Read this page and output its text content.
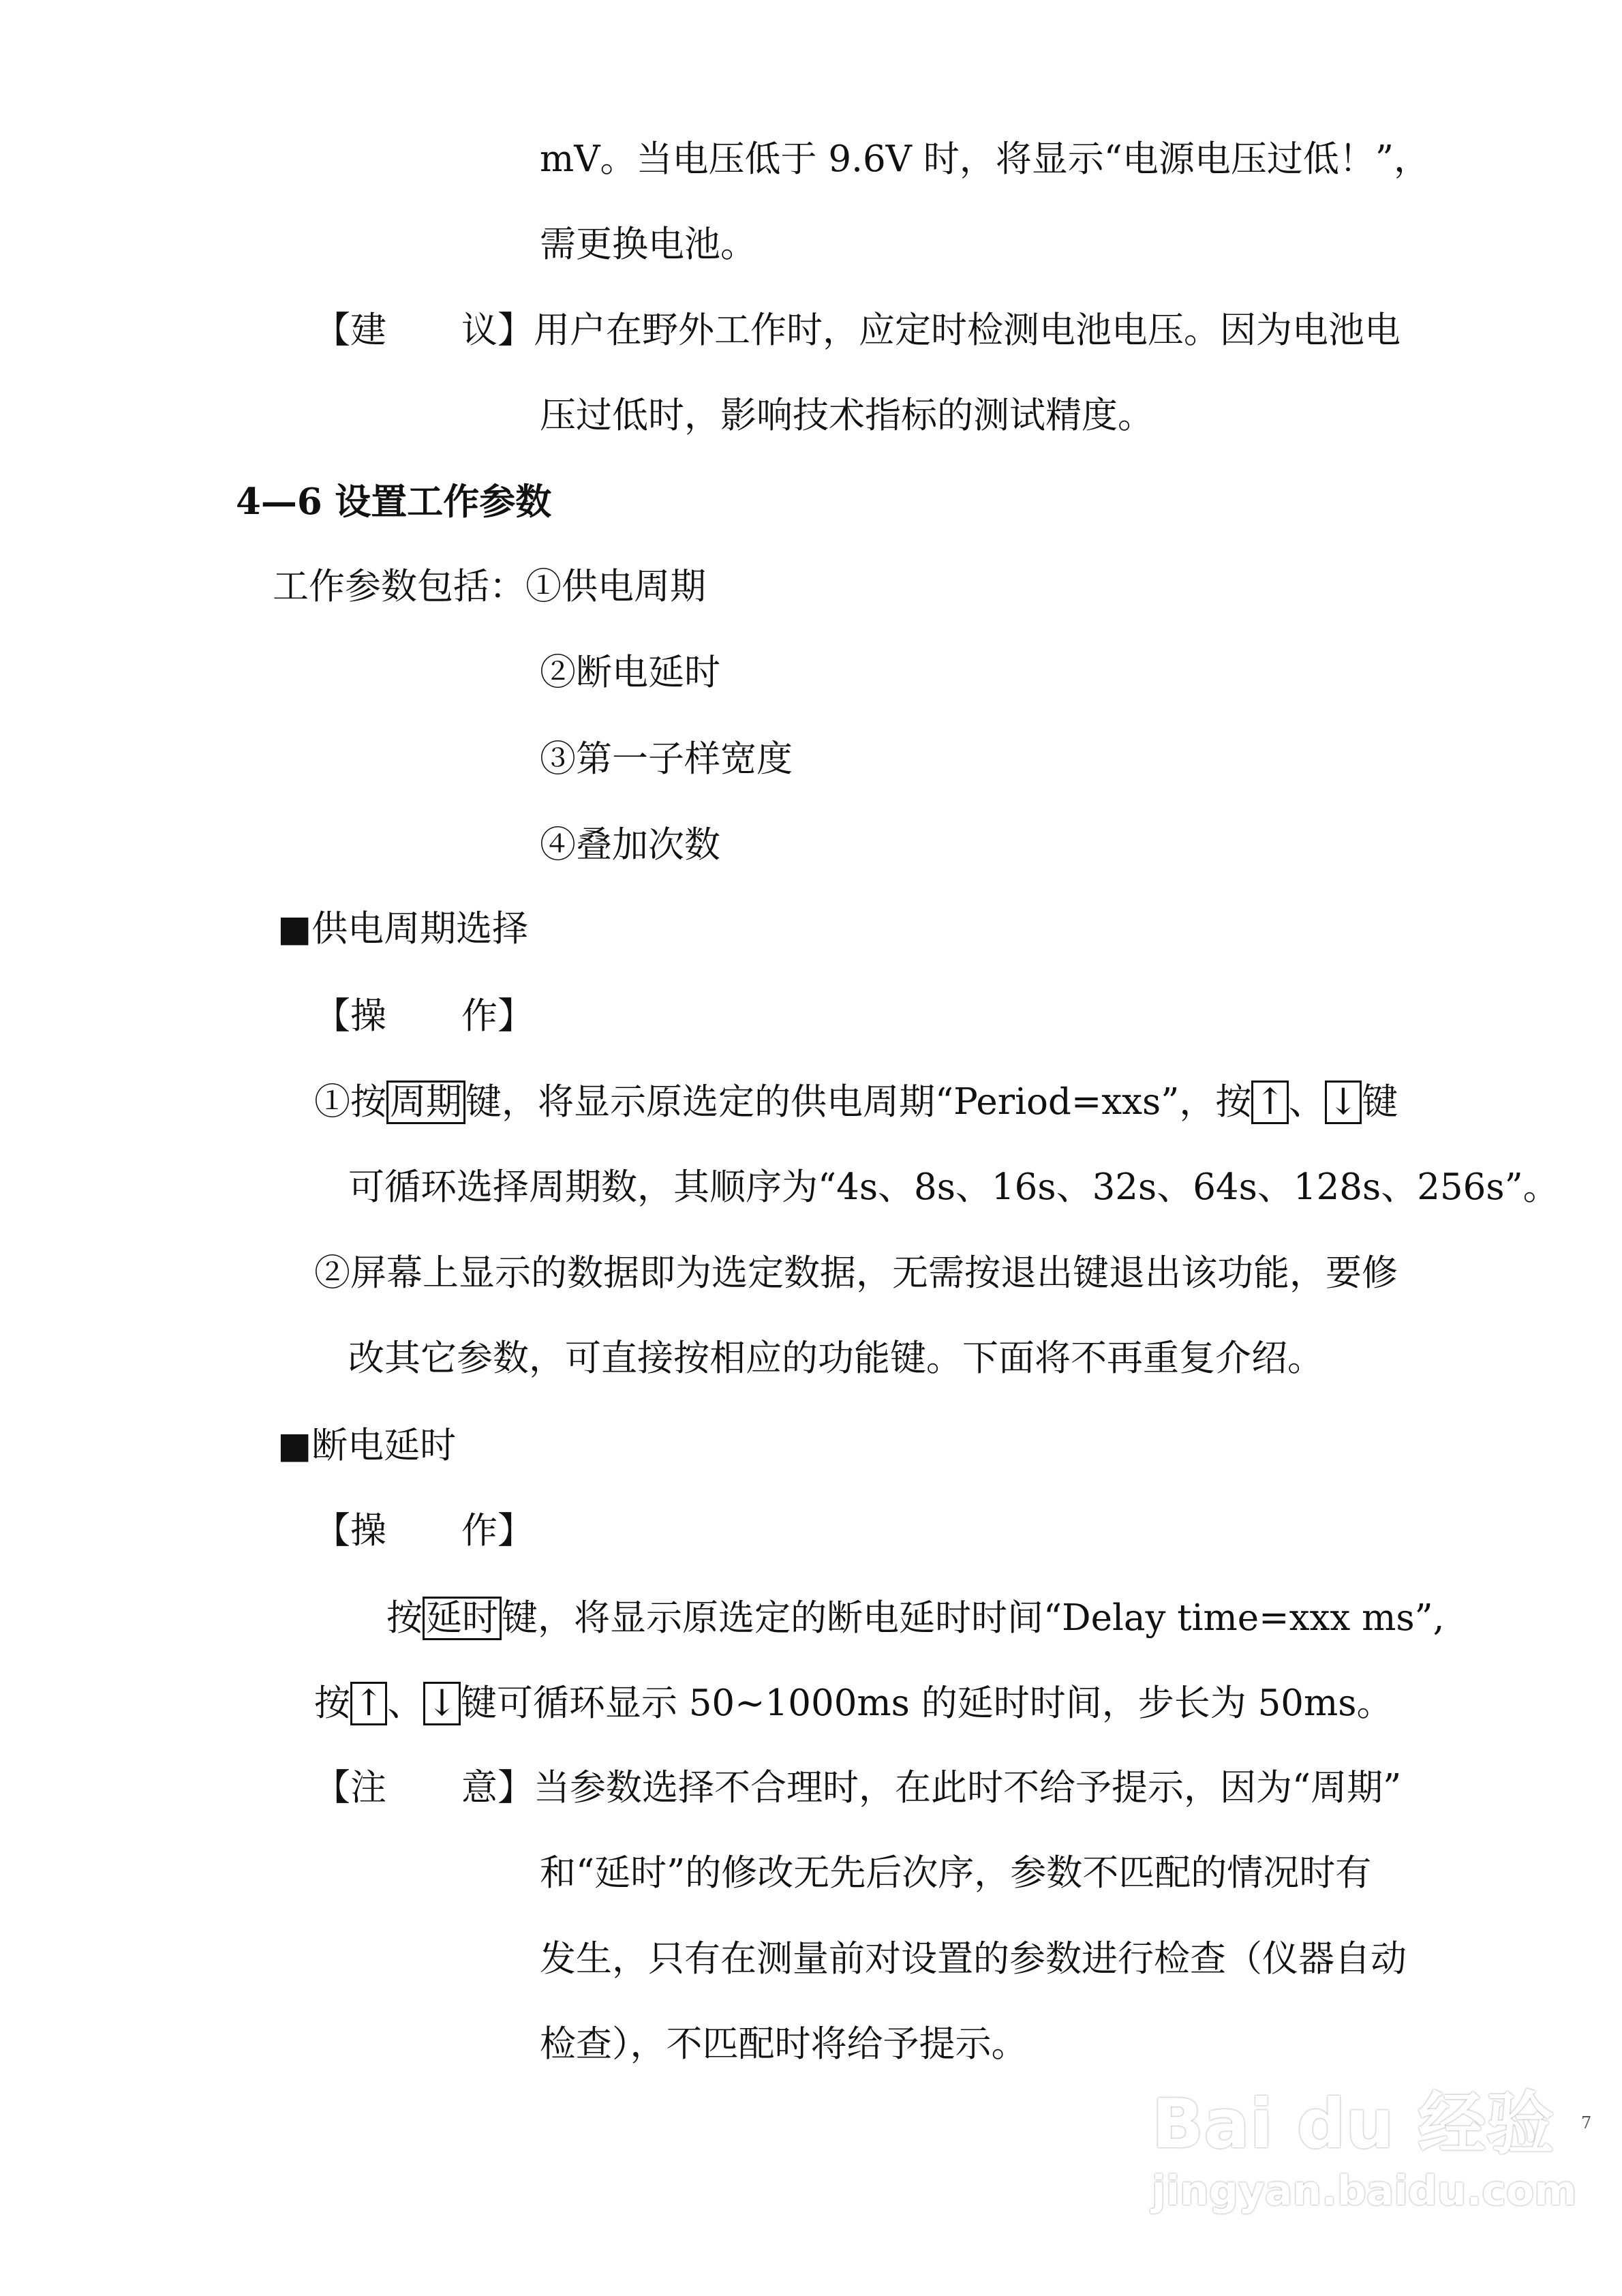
mV。当电压低于 9.6V 时，将显示“电源电压过低！”，
需更换电池。
【建 议】用户在野外工作时，应定时检测电池电压。因为电池电
压过低时，影响技术指标的测试精度。
4—6 设置工作参数
工作参数包括：①供电周期
②断电延时
③第一子样宽度
④叠加次数
■供电周期选择
【操 作】
①按周期键，将显示原选定的供电周期“Period=xxs”，按↑、↓键
可循环选择周期数，其顺序为“4s、8s、16s、32s、64s、128s、256s”。
②屏幕上显示的数据即为选定数据，无需按退出键退出该功能，要修
改其它参数，可直接按相应的功能键。下面将不再重复介绍。
■断电延时
【操 作】
按延时键，将显示原选定的断电延时时间“Delay time=xxx ms”,
按↑、↓键可循环显示 50~1000ms 的延时时间，步长为 50ms。
【注 意】当参数选择不合理时，在此时不给予提示，因为“周期”
和“延时”的修改无先后次序，参数不匹配的情况时有
发生，只有在测量前对设置的参数进行检查（仪器自动
检查），不匹配时将给予提示。
Bai du 经验
jingyan.baidu.com
7
